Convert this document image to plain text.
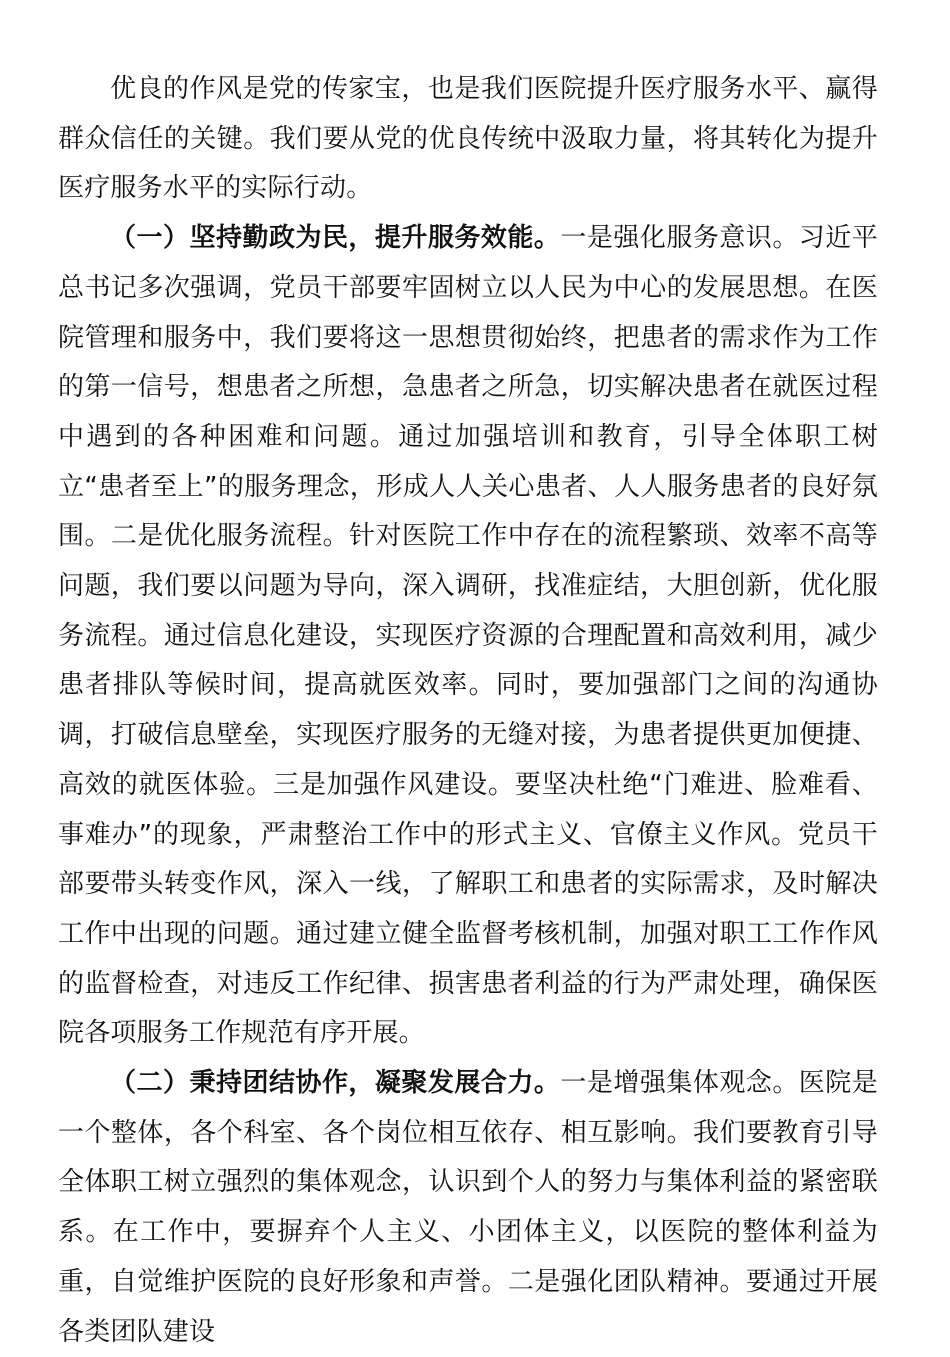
优良的作风是党的传家宝，也是我们医院提升医疗服务水平、赢得群众信任的关键。我们要从党的优良传统中汲取力量，将其转化为提升医疗服务水平的实际行动。

（一）坚持勤政为民，提升服务效能。一是强化服务意识。习近平总书记多次强调，党员干部要牢固树立以人民为中心的发展思想。在医院管理和服务中，我们要将这一思想贯彻始终，把患者的需求作为工作的第一信号，想患者之所想，急患者之所急，切实解决患者在就医过程中遇到的各种困难和问题。通过加强培训和教育，引导全体职工树立“患者至上”的服务理念，形成人人关心患者、人人服务患者的良好氛围。二是优化服务流程。针对医院工作中存在的流程繁琐、效率不高等问题，我们要以问题为导向，深入调研，找准症结，大胆创新，优化服务流程。通过信息化建设，实现医疗资源的合理配置和高效利用，减少患者排队等候时间，提高就医效率。同时，要加强部门之间的沟通协调，打破信息壁垒，实现医疗服务的无缝对接，为患者提供更加便捷、高效的就医体验。三是加强作风建设。要坚决杜绝“门难进、脸难看、事难办”的现象，严肃整治工作中的形式主义、官僚主义作风。党员干部要带头转变作风，深入一线，了解职工和患者的实际需求，及时解决工作中出现的问题。通过建立健全监督考核机制，加强对职工工作作风的监督检查，对违反工作纪律、损害患者利益的行为严肃处理，确保医院各项服务工作规范有序开展。

（二）秉持团结协作，凝聚发展合力。一是增强集体观念。医院是一个整体，各个科室、各个岗位相互依存、相互影响。我们要教育引导全体职工树立强烈的集体观念，认识到个人的努力与集体利益的紧密联系。在工作中，要摒弃个人主义、小团体主义，以医院的整体利益为重，自觉维护医院的良好形象和声誉。二是强化团队精神。要通过开展各类团队建设
